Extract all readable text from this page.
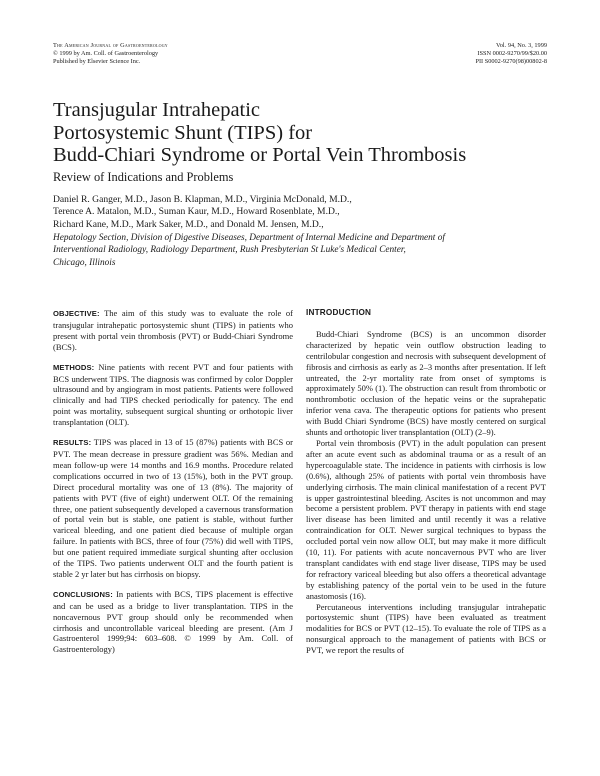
The American Journal of Gastroenterology
© 1999 by Am. Coll. of Gastroenterology
Published by Elsevier Science Inc.
Vol. 94, No. 3, 1999
ISSN 0002-9270/99/$20.00
PII S0002-9270(98)00802-8
Transjugular Intrahepatic
Portosystemic Shunt (TIPS) for
Budd-Chiari Syndrome or Portal Vein Thrombosis
Review of Indications and Problems
Daniel R. Ganger, M.D., Jason B. Klapman, M.D., Virginia McDonald, M.D.,
Terence A. Matalon, M.D., Suman Kaur, M.D., Howard Rosenblate, M.D.,
Richard Kane, M.D., Mark Saker, M.D., and Donald M. Jensen, M.D.,
Hepatology Section, Division of Digestive Diseases, Department of Internal Medicine and Department of
Interventional Radiology, Radiology Department, Rush Presbyterian St Luke's Medical Center,
Chicago, Illinois

OBJECTIVE: The aim of this study was to evaluate the role of transjugular intrahepatic portosystemic shunt (TIPS) in patients who present with portal vein thrombosis (PVT) or Budd-Chiari Syndrome (BCS).

METHODS: Nine patients with recent PVT and four patients with BCS underwent TIPS. The diagnosis was confirmed by color Doppler ultrasound and by angiogram in most patients. Patients were followed clinically and had TIPS checked periodically for patency. The end point was mortality, subsequent surgical shunting or orthotopic liver transplantation (OLT).

RESULTS: TIPS was placed in 13 of 15 (87%) patients with BCS or PVT. The mean decrease in pressure gradient was 56%. Median and mean follow-up were 14 months and 16.9 months. Procedure related complications occurred in two of 13 (15%), both in the PVT group. Direct procedural mortality was one of 13 (8%). The majority of patients with PVT (five of eight) underwent OLT. Of the remaining three, one patient subsequently developed a cavernous transformation of portal vein but is stable, one patient is stable, without further variceal bleeding, and one patient died because of multiple organ failure. In patients with BCS, three of four (75%) did well with TIPS, but one patient required immediate surgical shunting after occlusion of the TIPS. Two patients underwent OLT and the fourth patient is stable 2 yr later but has cirrhosis on biopsy.

CONCLUSIONS: In patients with BCS, TIPS placement is effective and can be used as a bridge to liver transplantation. TIPS in the noncavernous PVT group should only be recommended when cirrhosis and uncontrollable variceal bleeding are present. (Am J Gastroenterol 1999;94: 603–608. © 1999 by Am. Coll. of Gastroenterology)

INTRODUCTION

Budd-Chiari Syndrome (BCS) is an uncommon disorder characterized by hepatic vein outflow obstruction leading to centrilobular congestion and necrosis with subsequent development of fibrosis and cirrhosis as early as 2–3 months after presentation. If left untreated, the 2-yr mortality rate from onset of symptoms is approximately 50% (1). The obstruction can result from thrombotic or nonthrombotic occlusion of the hepatic veins or the suprahepatic inferior vena cava. The therapeutic options for patients who present with Budd Chiari Syndrome (BCS) have mostly centered on surgical shunts and orthotopic liver transplantation (OLT) (2–9).

Portal vein thrombosis (PVT) in the adult population can present after an acute event such as abdominal trauma or as a result of an hypercoagulable state. The incidence in patients with cirrhosis is low (0.6%), although 25% of patients with portal vein thrombosis have underlying cirrhosis. The main clinical manifestation of a recent PVT is upper gastrointestinal bleeding. Ascites is not uncommon and may become a persistent problem. PVT therapy in patients with end stage liver disease has been limited and until recently it was a relative contraindication for OLT. Newer surgical techniques to bypass the occluded portal vein now allow OLT, but may make it more difficult (10, 11). For patients with acute noncavernous PVT who are liver transplant candidates with end stage liver disease, TIPS may be used for refractory variceal bleeding but also offers a theoretical advantage by establishing patency of the portal vein to be used in the future anastomosis (16).

Percutaneous interventions including transjugular intrahepatic portosystemic shunt (TIPS) have been evaluated as treatment modalities for BCS or PVT (12–15). To evaluate the role of TIPS as a nonsurgical approach to the management of patients with BCS or PVT, we report the results of
